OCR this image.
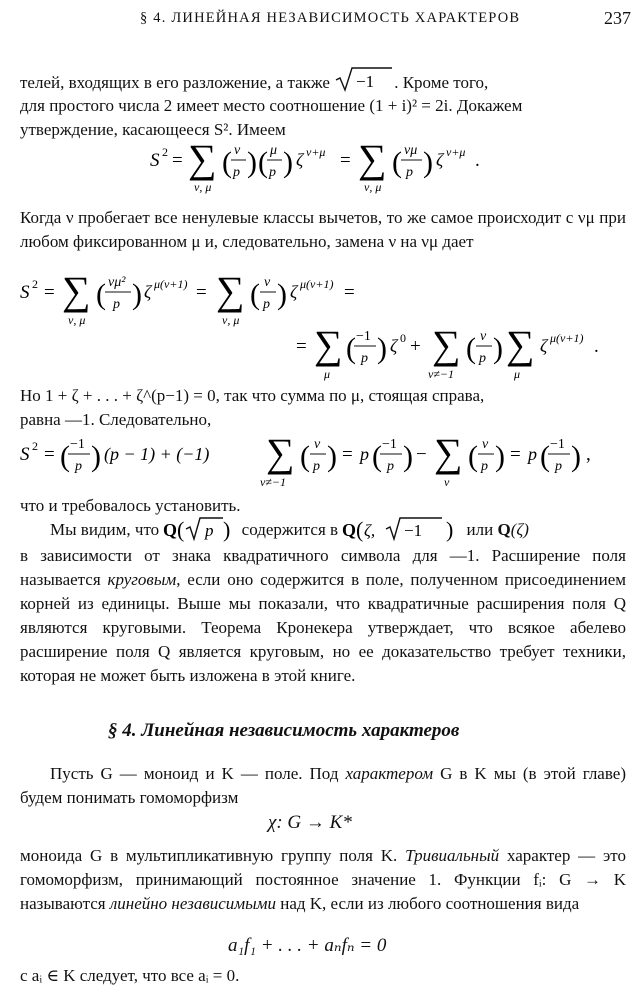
§ 4. ЛИНЕЙНАЯ НЕЗАВИСИМОСТЬ ХАРАКТЕРОВ	237
телей, входящих в его разложение, а также −1 . Кроме того,
для простого числа 2 имеет место соотношение (1 + i)² = 2i. Докажем
утверждение, касающееся S². Имеем
S 2 = ∑
ν, μ
( ν
p ) ( μ
p ) ζ ν+μ = ∑
ν, μ
( νμ
p ) ζ ν+μ .
Когда ν пробегает все ненулевые классы вычетов, то же самое происходит с νμ при любом фиксированном μ и, следовательно, замена ν на νμ дает
S 2 = ∑
ν, μ
( νμ²
p ) ζ μ(ν+1) = ∑
ν, μ
( ν
p ) ζ μ(ν+1) =
= ∑
μ
( −1
p ) ζ 0 + ∑
ν≠−1
( ν
p ) ∑
μ
ζ μ(ν+1) .
Но 1 + ζ + . . . + ζ^(p−1) = 0, так что сумма по μ, стоящая справа,
равна —1. Следовательно,
S 2 = ( −1
p ) (p − 1) + (−1) ∑
ν≠−1
( ν
p ) = p ( −1
p ) − ∑
ν
( ν
p ) = p ( −1
p ) ,
что и требовалось установить.
Мы видим, что Q ( p ) содержится в Q ( ζ, −1 ) или Q(ζ)
в зависимости от знака квадратичного символа для —1. Расширение поля называется круговым, если оно содержится в поле, полученном присоединением корней из единицы. Выше мы показали, что квадратичные расширения поля Q являются круговыми. Теорема Кронекера утверждает, что всякое абелево расширение поля Q является круговым, но ее доказательство требует техники, которая не может быть изложена в этой книге.
§ 4. Линейная независимость характеров
Пусть G — моноид и K — поле. Под характером G в K мы (в этой главе) будем понимать гомоморфизм
χ: G → K*
моноида G в мультипликативную группу поля K. Тривиальный характер — это гомоморфизм, принимающий постоянное значение 1. Функции fᵢ: G → K называются линейно независимыми над K, если из любого соотношения вида
a₁f₁ + . . . + aₙfₙ = 0
с aᵢ ∈ K следует, что все aᵢ = 0.
